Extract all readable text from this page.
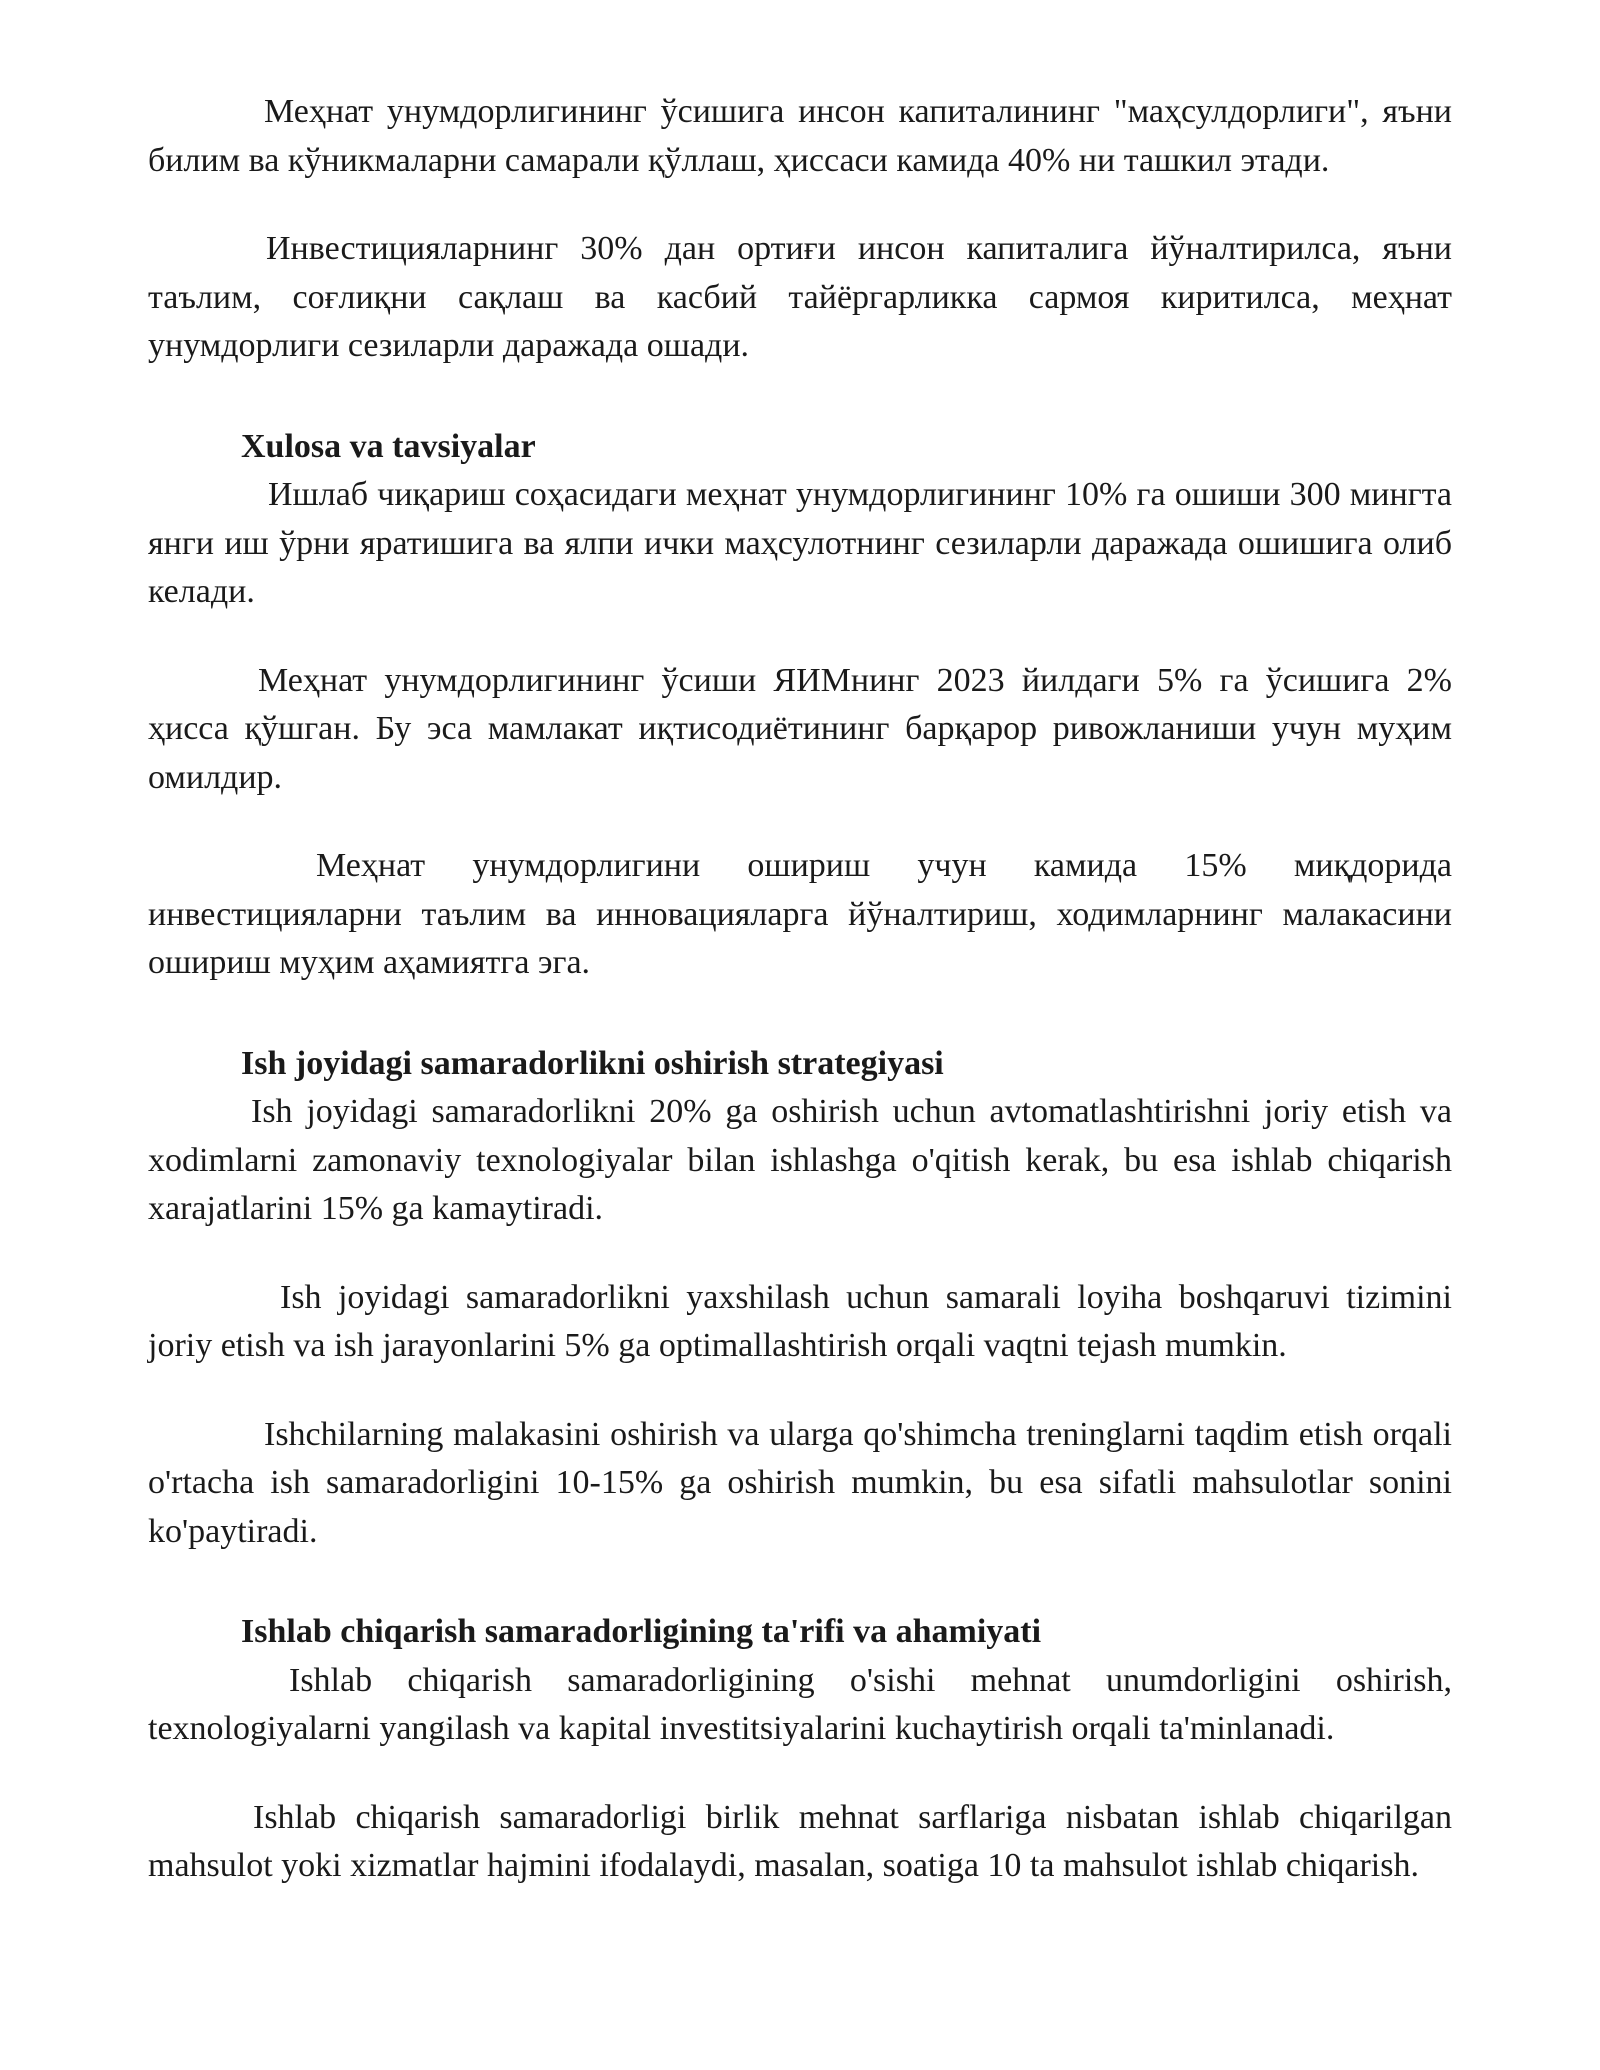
Меҳнат унумдорлигининг ўсишига инсон капиталининг "маҳсулдорлиги", яъни билим ва кўникмаларни самарали қўллаш, ҳиссаси камида 40% ни ташкил этади.

Инвестицияларнинг 30% дан ортиғи инсон капиталига йўналтирилса, яъни таълим, соғлиқни сақлаш ва касбий тайёргарликка сармоя киритилса, меҳнат унумдорлиги сезиларли даражада ошади.

Xulosa va tavsiyalar

Ишлаб чиқариш соҳасидаги меҳнат унумдорлигининг 10% га ошиши 300 мингта янги иш ўрни яратишига ва ялпи ички маҳсулотнинг сезиларли даражада ошишига олиб келади.

Меҳнат унумдорлигининг ўсиши ЯИМнинг 2023 йилдаги 5% га ўсишига 2% ҳисса қўшган. Бу эса мамлакат иқтисодиётининг барқарор ривожланиши учун муҳим омилдир.

Меҳнат унумдорлигини ошириш учун камида 15% миқдорида инвестицияларни таълим ва инновацияларга йўналтириш, ходимларнинг малакасини ошириш муҳим аҳамиятга эга.

Ish joyidagi samaradorlikni oshirish strategiyasi

Ish joyidagi samaradorlikni 20% ga oshirish uchun avtomatlashtirishni joriy etish va xodimlarni zamonaviy texnologiyalar bilan ishlashga o'qitish kerak, bu esa ishlab chiqarish xarajatlarini 15% ga kamaytiradi.

Ish joyidagi samaradorlikni yaxshilash uchun samarali loyiha boshqaruvi tizimini joriy etish va ish jarayonlarini 5% ga optimallashtirish orqali vaqtni tejash mumkin.

Ishchilarning malakasini oshirish va ularga qo'shimcha treninglarni taqdim etish orqali o'rtacha ish samaradorligini 10-15% ga oshirish mumkin, bu esa sifatli mahsulotlar sonini ko'paytiradi.

Ishlab chiqarish samaradorligining ta'rifi va ahamiyati

Ishlab chiqarish samaradorligining o'sishi mehnat unumdorligini oshirish, texnologiyalarni yangilash va kapital investitsiyalarini kuchaytirish orqali ta'minlanadi.

Ishlab chiqarish samaradorligi birlik mehnat sarflariga nisbatan ishlab chiqarilgan mahsulot yoki xizmatlar hajmini ifodalaydi, masalan, soatiga 10 ta mahsulot ishlab chiqarish.
